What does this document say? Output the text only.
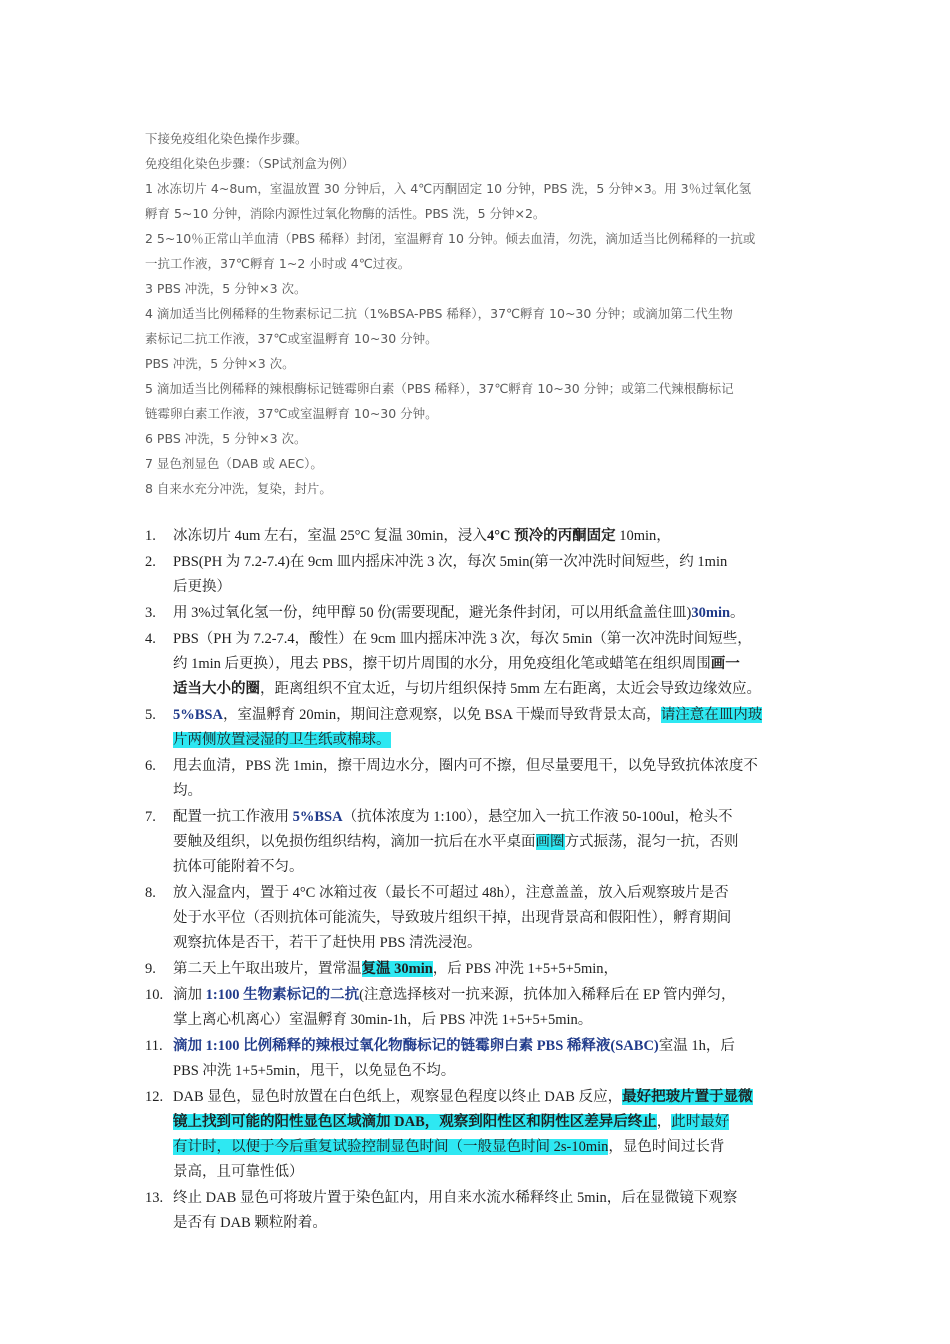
下接免疫组化染色操作步骤。
免疫组化染色步骤：（SP试剂盒为例）
1 冰冻切片 4~8um，室温放置 30 分钟后，入 4℃丙酮固定 10 分钟，PBS 洗，5 分钟×3。用 3％过氧化氢
孵育 5~10 分钟，消除内源性过氧化物酶的活性。PBS 洗，5 分钟×2。
2 5~10％正常山羊血清（PBS 稀释）封闭，室温孵育 10 分钟。倾去血清，勿洗，滴加适当比例稀释的一抗或
一抗工作液，37℃孵育 1~2 小时或 4℃过夜。
3 PBS 冲洗，5 分钟×3 次。
4 滴加适当比例稀释的生物素标记二抗（1%BSA-PBS 稀释），37℃孵育 10~30 分钟；或滴加第二代生物
素标记二抗工作液，37℃或室温孵育 10~30 分钟。
PBS 冲洗，5 分钟×3 次。
5 滴加适当比例稀释的辣根酶标记链霉卵白素（PBS 稀释），37℃孵育 10~30 分钟；或第二代辣根酶标记
链霉卵白素工作液，37℃或室温孵育 10~30 分钟。
6 PBS 冲洗，5 分钟×3 次。
7 显色剂显色（DAB 或 AEC）。
8 自来水充分冲洗，复染，封片。
1.	冰冻切片 4um 左右，室温 25°C 复温 30min，浸入4°C 预冷的丙酮固定 10min，
2.	PBS(PH 为 7.2-7.4)在 9cm 皿内摇床冲洗 3 次，每次 5min(第一次冲洗时间短些，约 1min
后更换）
3.	用 3%过氧化氢一份，纯甲醇 50 份(需要现配，避光条件封闭，可以用纸盒盖住皿)30min。
4.	PBS（PH 为 7.2-7.4，酸性）在 9cm 皿内摇床冲洗 3 次，每次 5min（第一次冲洗时间短些，
约 1min 后更换），甩去 PBS，擦干切片周围的水分，用免疫组化笔或蜡笔在组织周围画一
适当大小的圈，距离组织不宜太近，与切片组织保持 5mm 左右距离，太近会导致边缘效应。
5.	5%BSA，室温孵育 20min，期间注意观察，以免 BSA 干燥而导致背景太高，请注意在皿内玻
片两侧放置浸湿的卫生纸或棉球。
6.	甩去血清，PBS 洗 1min，擦干周边水分，圈内可不擦，但尽量要甩干，以免导致抗体浓度不
均。
7.	配置一抗工作液用 5%BSA（抗体浓度为 1:100），悬空加入一抗工作液 50-100ul，枪头不
要触及组织，以免损伤组织结构，滴加一抗后在水平桌面画圈方式振荡，混匀一抗，否则
抗体可能附着不匀。
8.	放入湿盒内，置于 4°C 冰箱过夜（最长不可超过 48h），注意盖盖，放入后观察玻片是否
处于水平位（否则抗体可能流失，导致玻片组织干掉，出现背景高和假阳性），孵育期间
观察抗体是否干，若干了赶快用 PBS 清洗浸泡。
9.	第二天上午取出玻片，置常温复温 30min，后 PBS 冲洗 1+5+5+5min，
10. 滴加 1:100 生物素标记的二抗(注意选择核对一抗来源，抗体加入稀释后在 EP 管内弹匀，
掌上离心机离心）室温孵育 30min-1h，后 PBS 冲洗 1+5+5+5min。
11. 滴加 1:100 比例稀释的辣根过氧化物酶标记的链霉卵白素 PBS 稀释液(SABC)室温 1h，后
PBS 冲洗 1+5+5min，甩干，以免显色不均。
12. DAB 显色，显色时放置在白色纸上，观察显色程度以终止 DAB 反应，最好把玻片置于显微
镜上找到可能的阳性显色区域滴加 DAB，观察到阳性区和阴性区差异后终止，此时最好
有计时，以便于今后重复试验控制显色时间（一般显色时间 2s-10min，显色时间过长背
景高，且可靠性低）
13. 终止 DAB 显色可将玻片置于染色缸内，用自来水流水稀释终止 5min，后在显微镜下观察
是否有 DAB 颗粒附着。
